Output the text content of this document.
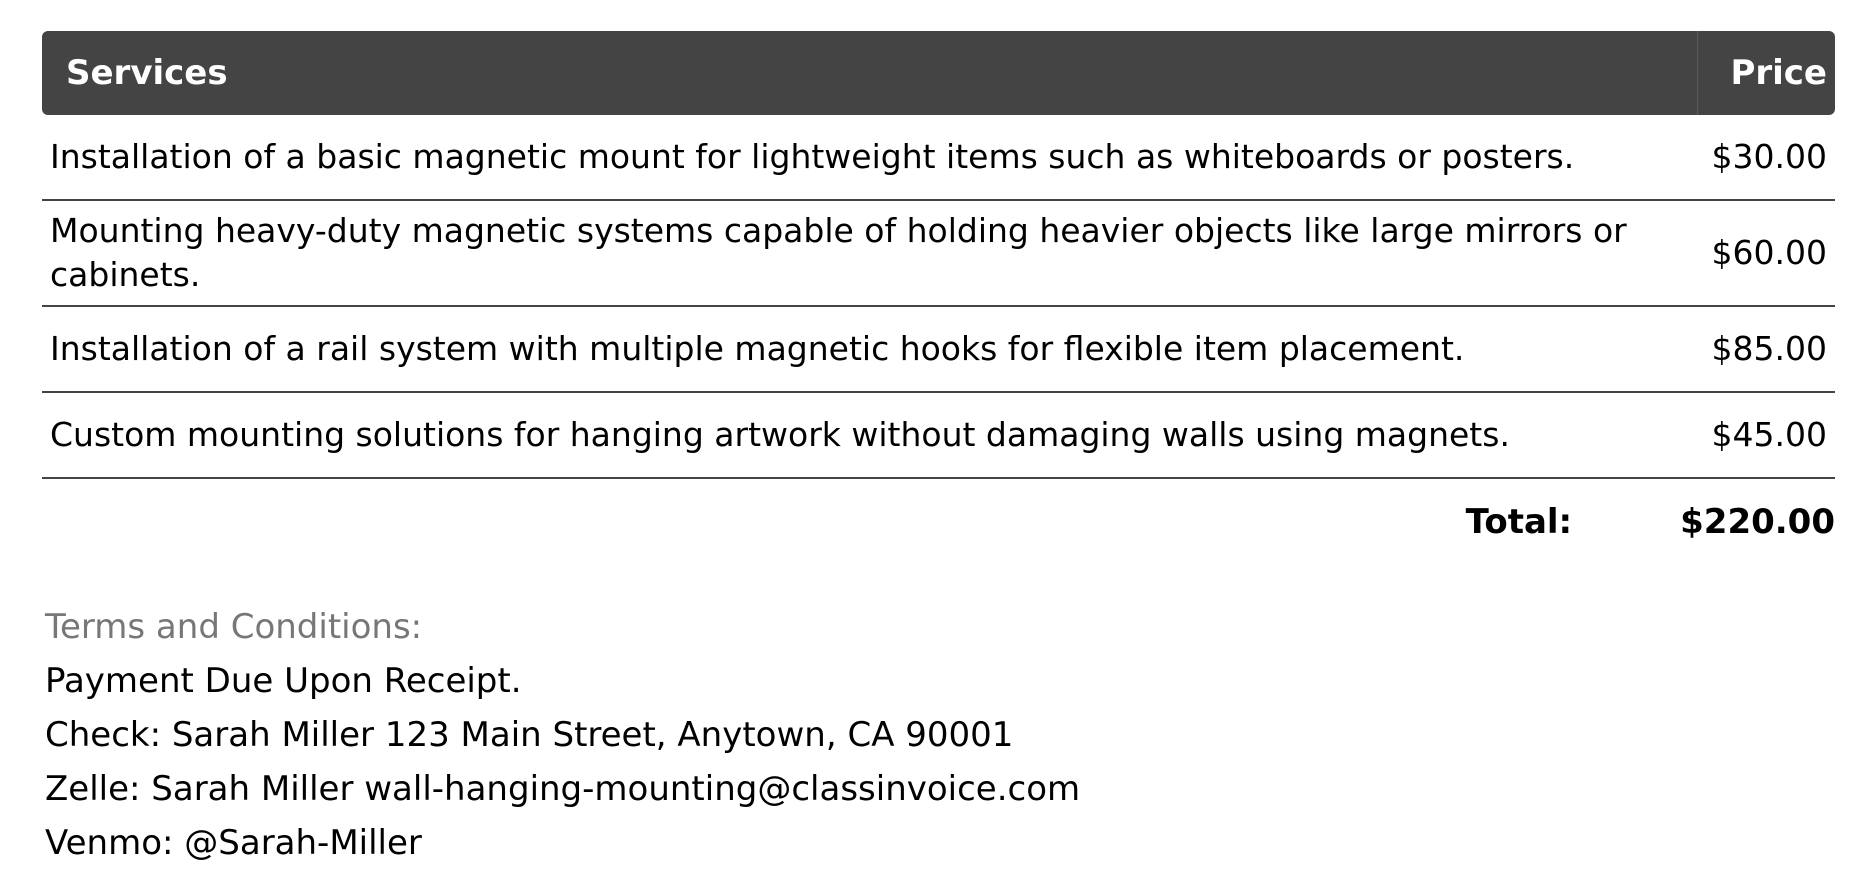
Services	Price
Installation of a basic magnetic mount for lightweight items such as whiteboards or posters.	$30.00
Mounting heavy-duty magnetic systems capable of holding heavier objects like large mirrors or cabinets.	$60.00
Installation of a rail system with multiple magnetic hooks for flexible item placement.	$85.00
Custom mounting solutions for hanging artwork without damaging walls using magnets.	$45.00
Total:	$220.00
Terms and Conditions:
Payment Due Upon Receipt.
Check: Sarah Miller 123 Main Street, Anytown, CA 90001
Zelle: Sarah Miller wall-hanging-mounting@classinvoice.com
Venmo: @Sarah-Miller
